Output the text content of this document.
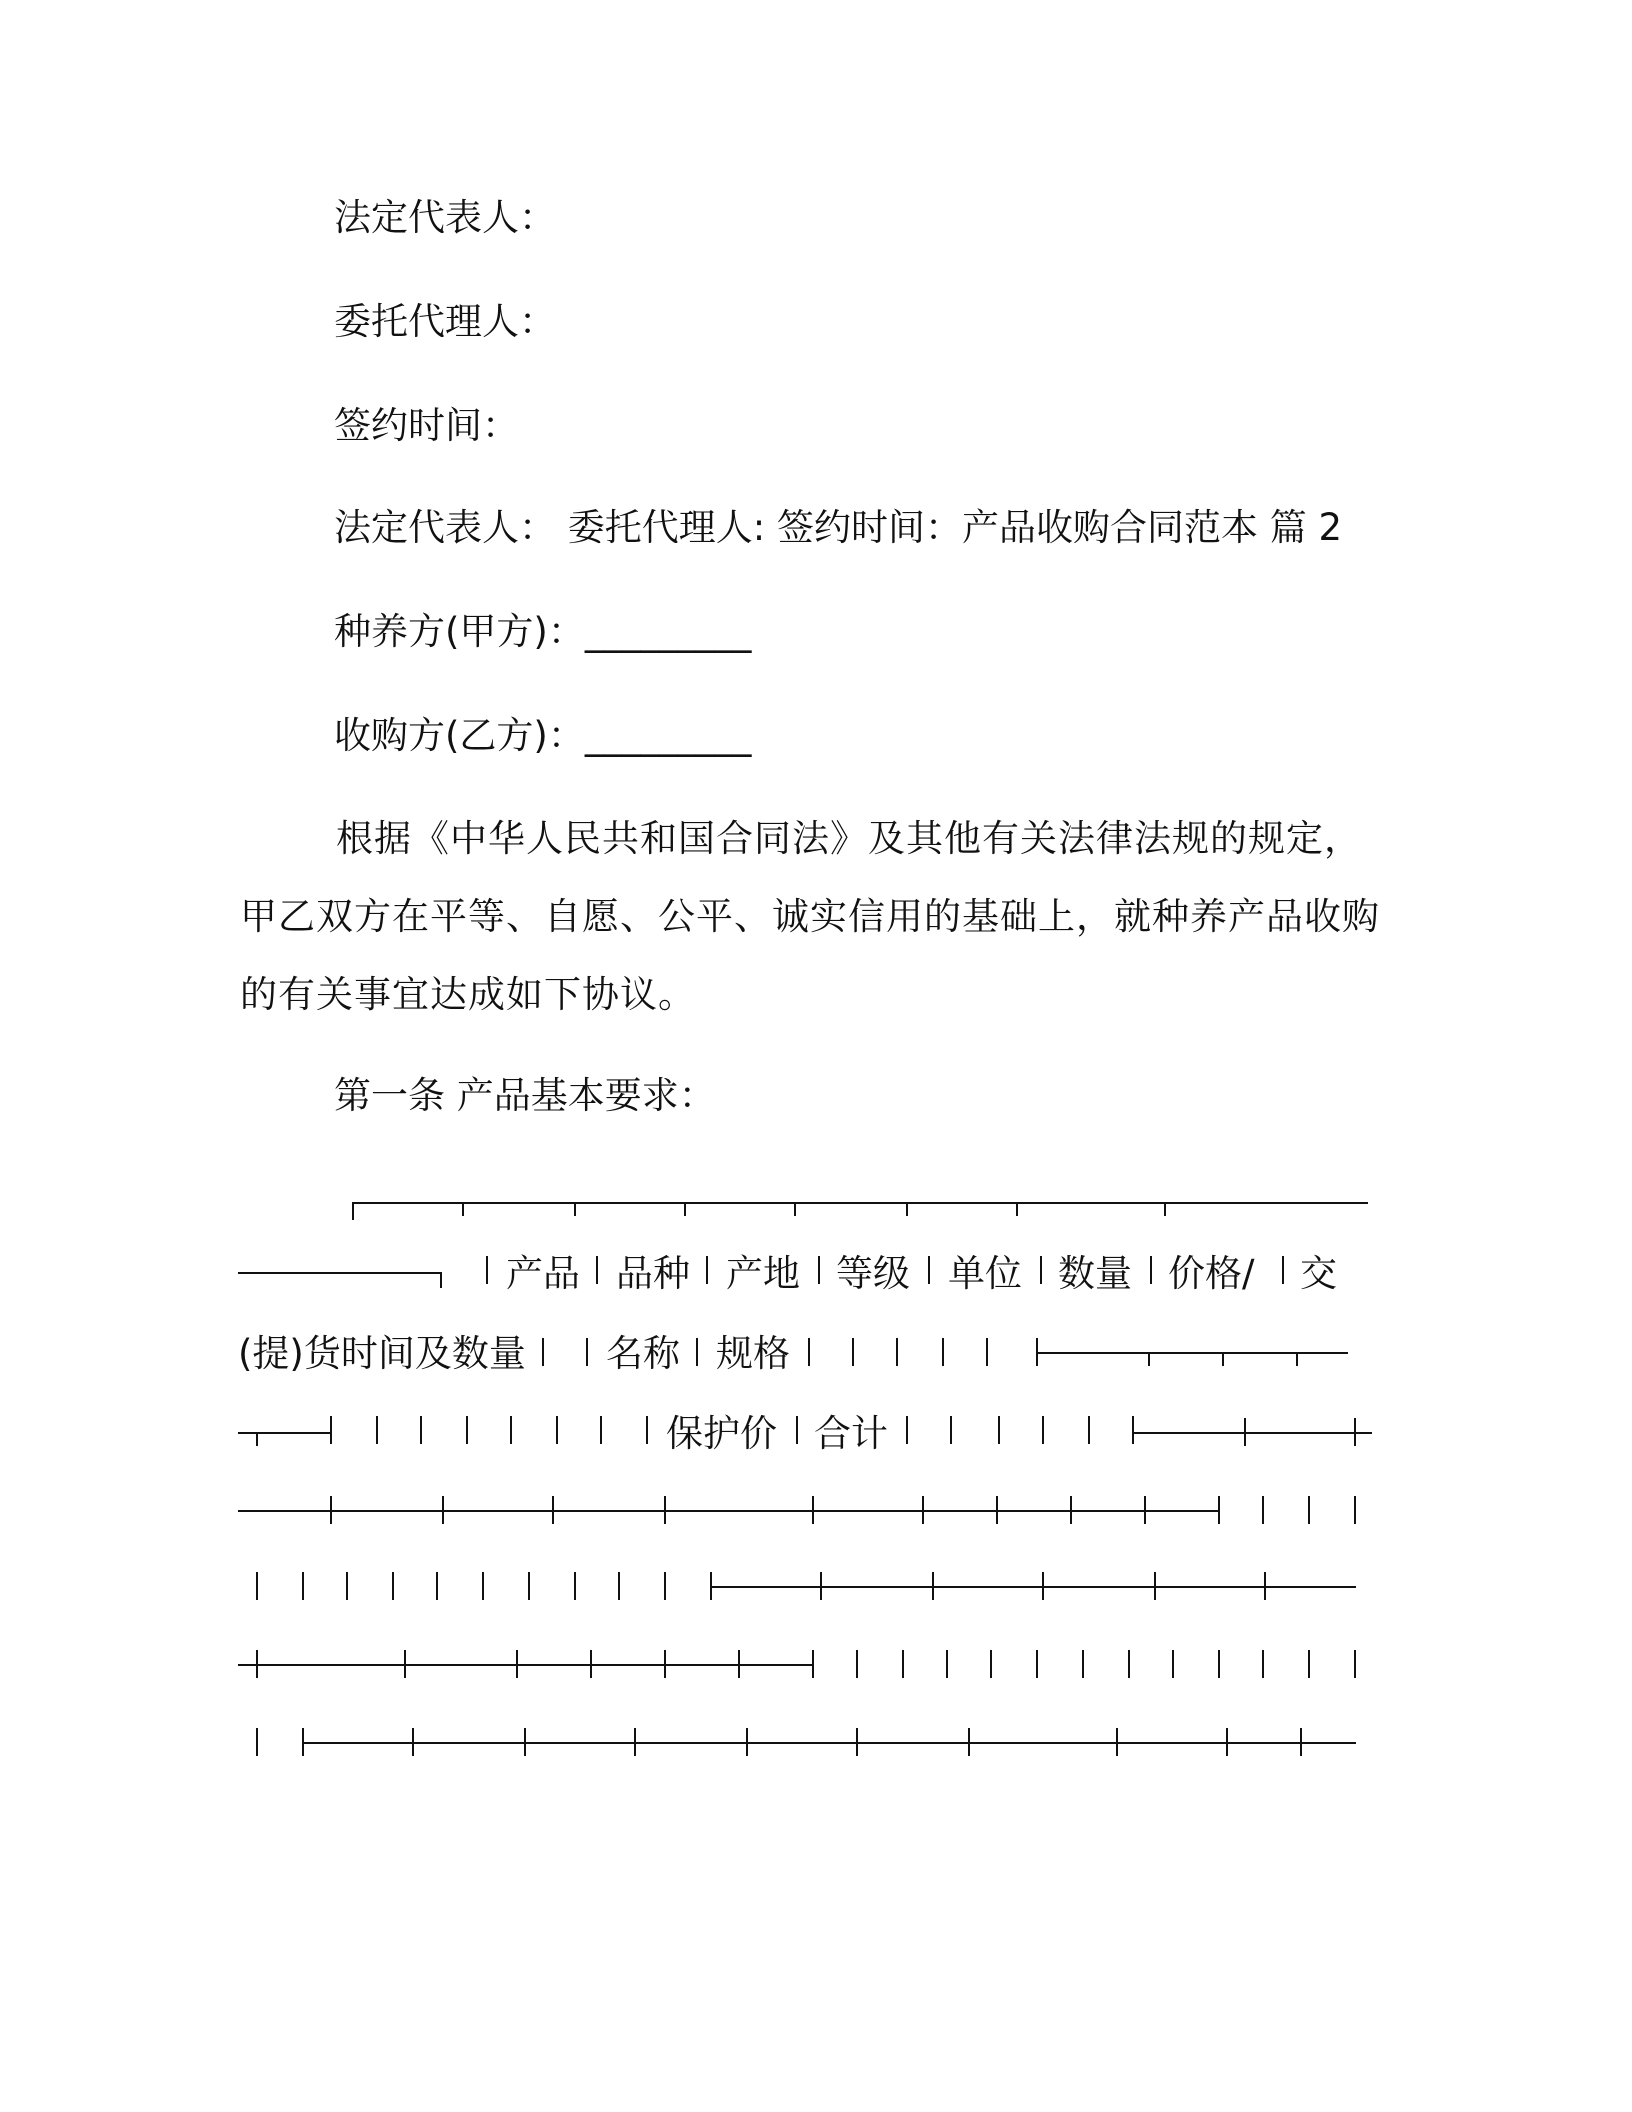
法定代表人：
委托代理人：
签约时间：
法定代表人： 委托代理人: 签约时间：产品收购合同范本 篇 2
种养方(甲方)：_________
收购方(乙方)：_________
根据《中华人民共和国合同法》及其他有关法律法规的规定，甲乙双方在平等、自愿、公平、诚实信用的基础上，就种养产品收购的有关事宜达成如下协议。
第一条 产品基本要求：
产品 品种 产地 等级 单位 数量 价格/ 交
(提)货时间及数量 名称 规格
保护价 合计
